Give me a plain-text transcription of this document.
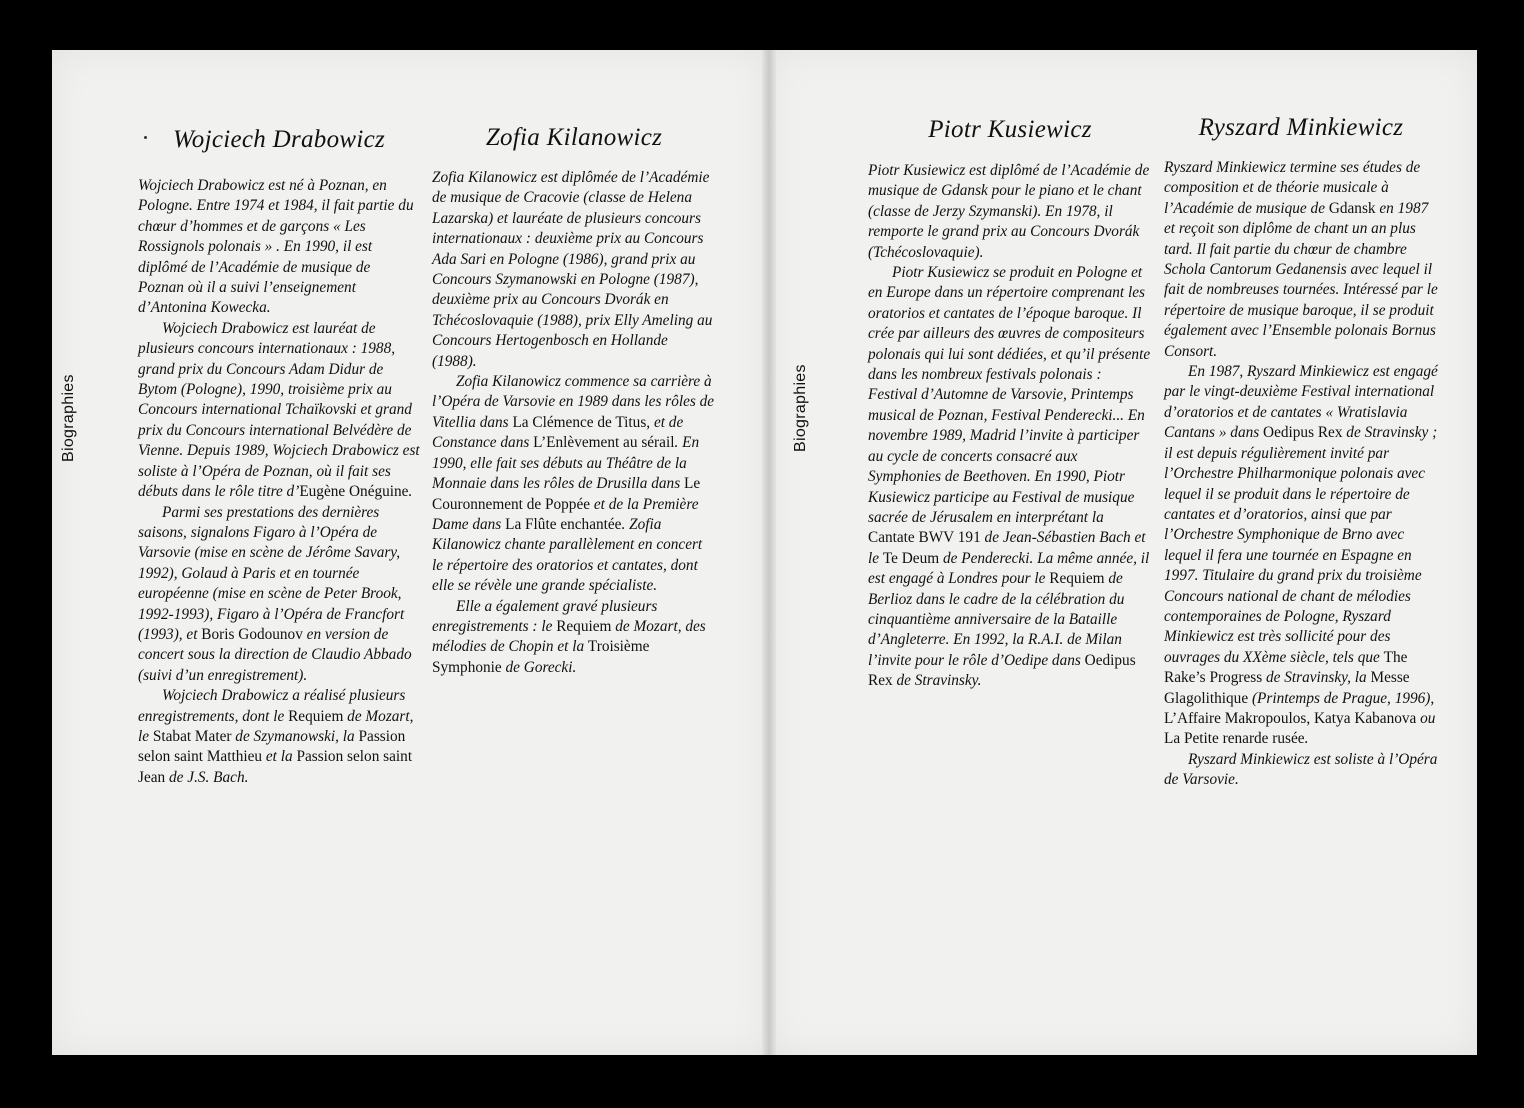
Biographies	Biographies
Wojciech Drabowicz

Wojciech Drabowicz est né à Poznan, en Pologne. Entre 1974 et 1984, il fait partie du chœur d’hommes et de garçons « Les Rossignols polonais » . En 1990, il est diplômé de l’Académie de musique de Poznan où il a suivi l’enseignement d’Antonina Kowecka.

Wojciech Drabowicz est lauréat de plusieurs concours internationaux : 1988, grand prix du Concours Adam Didur de Bytom (Pologne), 1990, troisième prix au Concours international Tchaïkovski et grand prix du Concours international Belvédère de Vienne. Depuis 1989, Wojciech Drabowicz est soliste à l’Opéra de Poznan, où il fait ses débuts dans le rôle titre d’Eugène Onéguine.

Parmi ses prestations des dernières saisons, signalons Figaro à l’Opéra de Varsovie (mise en scène de Jérôme Savary, 1992), Golaud à Paris et en tournée européenne (mise en scène de Peter Brook, 1992-1993), Figaro à l’Opéra de Francfort (1993), et Boris Godounov en version de concert sous la direction de Claudio Abbado (suivi d’un enregistrement).

Wojciech Drabowicz a réalisé plusieurs enregistrements, dont le Requiem de Mozart, le Stabat Mater de Szymanowski, la Passion selon saint Matthieu et la Passion selon saint Jean de J.S. Bach.

Zofia Kilanowicz

Zofia Kilanowicz est diplômée de l’Académie de musique de Cracovie (classe de Helena Lazarska) et lauréate de plusieurs concours internationaux : deuxième prix au Concours Ada Sari en Pologne (1986), grand prix au Concours Szymanowski en Pologne (1987), deuxième prix au Concours Dvorák en Tchécoslovaquie (1988), prix Elly Ameling au Concours Hertogenbosch en Hollande (1988).

Zofia Kilanowicz commence sa carrière à l’Opéra de Varsovie en 1989 dans les rôles de Vitellia dans La Clémence de Titus, et de Constance dans L’Enlèvement au sérail. En 1990, elle fait ses débuts au Théâtre de la Monnaie dans les rôles de Drusilla dans Le Couronnement de Poppée et de la Première Dame dans La Flûte enchantée. Zofia Kilanowicz chante parallèlement en concert le répertoire des oratorios et cantates, dont elle se révèle une grande spécialiste.

Elle a également gravé plusieurs enregistrements : le Requiem de Mozart, des mélodies de Chopin et la Troisième Symphonie de Gorecki.

Piotr Kusiewicz

Piotr Kusiewicz est diplômé de l’Académie de musique de Gdansk pour le piano et le chant (classe de Jerzy Szymanski). En 1978, il remporte le grand prix au Concours Dvorák (Tchécoslovaquie).

Piotr Kusiewicz se produit en Pologne et en Europe dans un répertoire comprenant les oratorios et cantates de l’époque baroque. Il crée par ailleurs des œuvres de compositeurs polonais qui lui sont dédiées, et qu’il présente dans les nombreux festivals polonais : Festival d’Automne de Varsovie, Printemps musical de Poznan, Festival Penderecki... En novembre 1989, Madrid l’invite à participer au cycle de concerts consacré aux Symphonies de Beethoven. En 1990, Piotr Kusiewicz participe au Festival de musique sacrée de Jérusalem en interprétant la Cantate BWV 191 de Jean-Sébastien Bach et le Te Deum de Penderecki. La même année, il est engagé à Londres pour le Requiem de Berlioz dans le cadre de la célébration du cinquantième anniversaire de la Bataille d’Angleterre. En 1992, la R.A.I. de Milan l’invite pour le rôle d’Oedipe dans Oedipus Rex de Stravinsky.

Ryszard Minkiewicz

Ryszard Minkiewicz termine ses études de composition et de théorie musicale à l’Académie de musique de Gdansk en 1987 et reçoit son diplôme de chant un an plus tard. Il fait partie du chœur de chambre Schola Cantorum Gedanensis avec lequel il fait de nombreuses tournées. Intéressé par le répertoire de musique baroque, il se produit également avec l’Ensemble polonais Bornus Consort.

En 1987, Ryszard Minkiewicz est engagé par le vingt-deuxième Festival international d’oratorios et de cantates « Wratislavia Cantans » dans Oedipus Rex de Stravinsky ; il est depuis régulièrement invité par l’Orchestre Philharmonique polonais avec lequel il se produit dans le répertoire de cantates et d’oratorios, ainsi que par l’Orchestre Symphonique de Brno avec lequel il fera une tournée en Espagne en 1997. Titulaire du grand prix du troisième Concours national de chant de mélodies contemporaines de Pologne, Ryszard Minkiewicz est très sollicité pour des ouvrages du XXème siècle, tels que The Rake’s Progress de Stravinsky, la Messe Glagolithique (Printemps de Prague, 1996), L’Affaire Makropoulos, Katya Kabanova ou La Petite renarde rusée.

Ryszard Minkiewicz est soliste à l’Opéra de Varsovie.
